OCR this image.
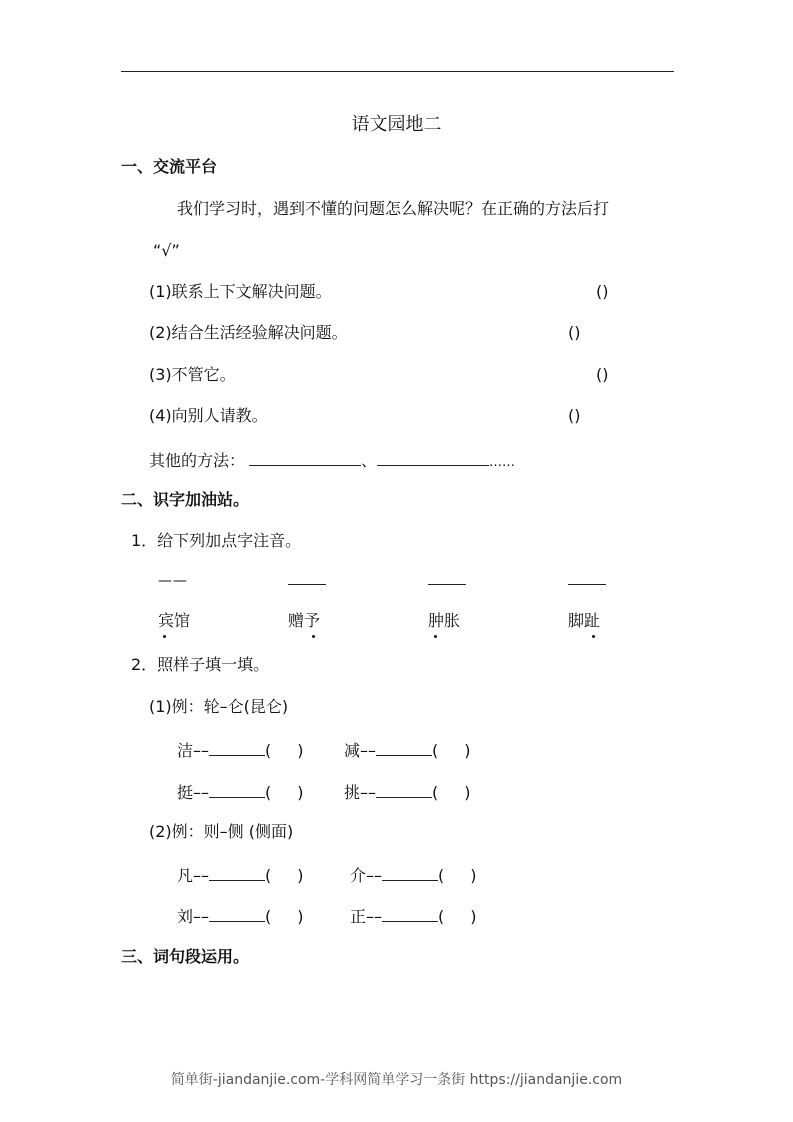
语文园地二
一、交流平台
我们学习时，遇到不懂的问题怎么解决呢？在正确的方法后打
“√”
(1)联系上下文解决问题。	()
(2)结合生活经验解决问题。	()
(3)不管它。	()
(4)向别人请教。	()
其他的方法：	、	……
二、识字加油站。
1．给下列加点字注音。
——
宾馆	赠予	肿胀	脚趾
2．照样子填一填。
(1)例：轮–仑(昆仑)
洁––	( )	减––	( )
挺––	( )	挑––	( )
(2)例：则–侧 (侧面)
凡––	( )	介––	( )
刘––	( )	正––	( )
三、词句段运用。
简单街-jiandanjie.com-学科网简单学习一条街 https://jiandanjie.com
